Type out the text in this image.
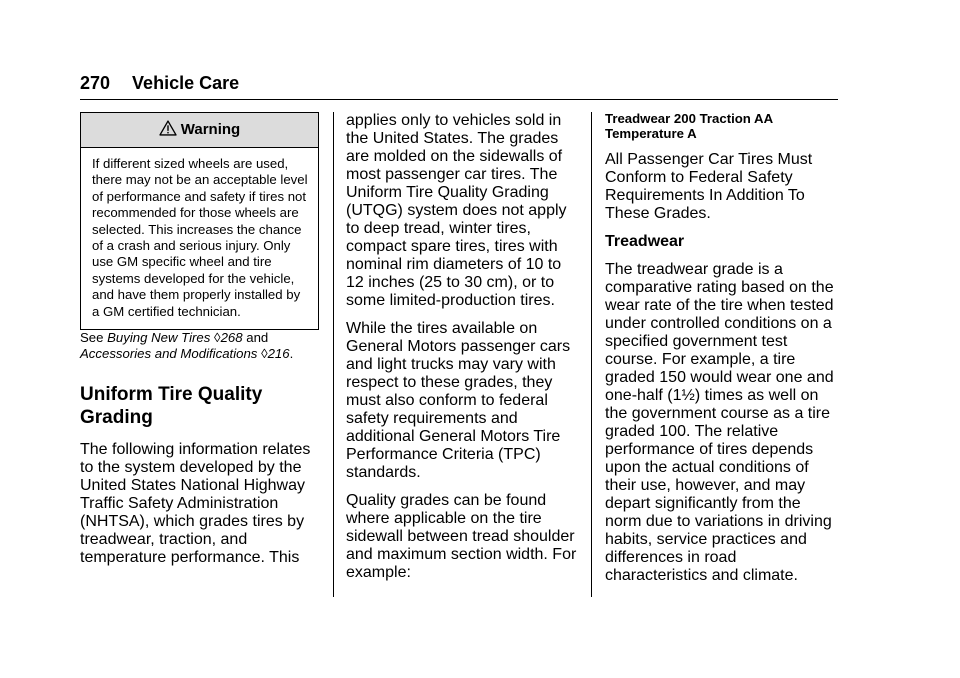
270 Vehicle Care
Warning
If different sized wheels are used, there may not be an acceptable level of performance and safety if tires not recommended for those wheels are selected. This increases the chance of a crash and serious injury. Only use GM specific wheel and tire systems developed for the vehicle, and have them properly installed by a GM certified technician.

See Buying New Tires ◊268 and
Accessories and Modifications ◊216.

Uniform Tire Quality Grading

The following information relates to the system developed by the United States National Highway Traffic Safety Administration (NHTSA), which grades tires by treadwear, traction, and temperature performance. This

applies only to vehicles sold in the United States. The grades are molded on the sidewalls of most passenger car tires. The Uniform Tire Quality Grading (UTQG) system does not apply to deep tread, winter tires, compact spare tires, tires with nominal rim diameters of 10 to 12 inches (25 to 30 cm), or to some limited-production tires.

While the tires available on General Motors passenger cars and light trucks may vary with respect to these grades, they must also conform to federal safety requirements and additional General Motors Tire Performance Criteria (TPC) standards.

Quality grades can be found where applicable on the tire sidewall between tread shoulder and maximum section width. For example:

Treadwear 200 Traction AA
Temperature A

All Passenger Car Tires Must Conform to Federal Safety Requirements In Addition To These Grades.

Treadwear

The treadwear grade is a comparative rating based on the wear rate of the tire when tested under controlled conditions on a specified government test course. For example, a tire graded 150 would wear one and one-half (1½) times as well on the government course as a tire graded 100. The relative performance of tires depends upon the actual conditions of their use, however, and may depart significantly from the norm due to variations in driving habits, service practices and differences in road characteristics and climate.
